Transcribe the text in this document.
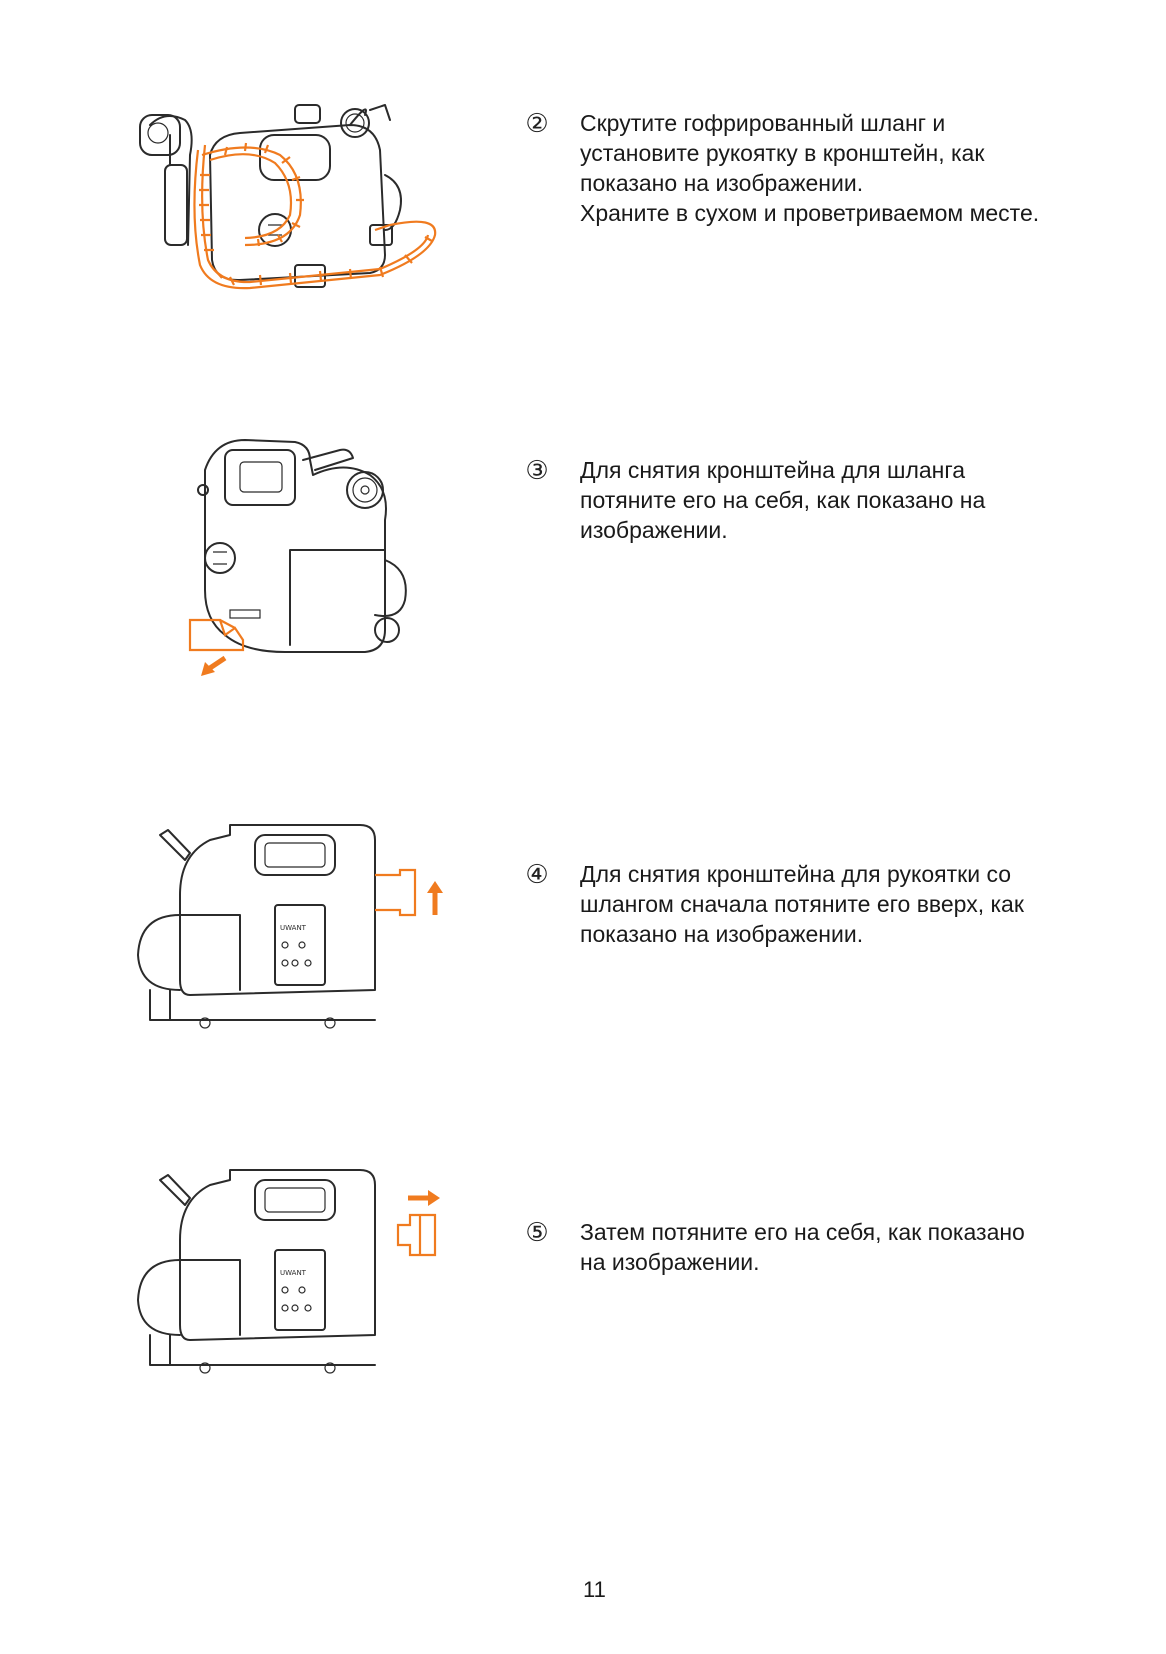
UWANT
UWANT
② Скрутите гофрированный шланг и
установите рукоятку в кронштейн, как
показано на изображении.
Храните в сухом и проветриваемом месте.
③ Для снятия кронштейна для шланга
потяните его на себя, как показано на
изображении.
④ Для снятия кронштейна для рукоятки со
шлангом сначала потяните его вверх, как
показано на изображении.
⑤ Затем потяните его на себя, как показано
на изображении.
11
